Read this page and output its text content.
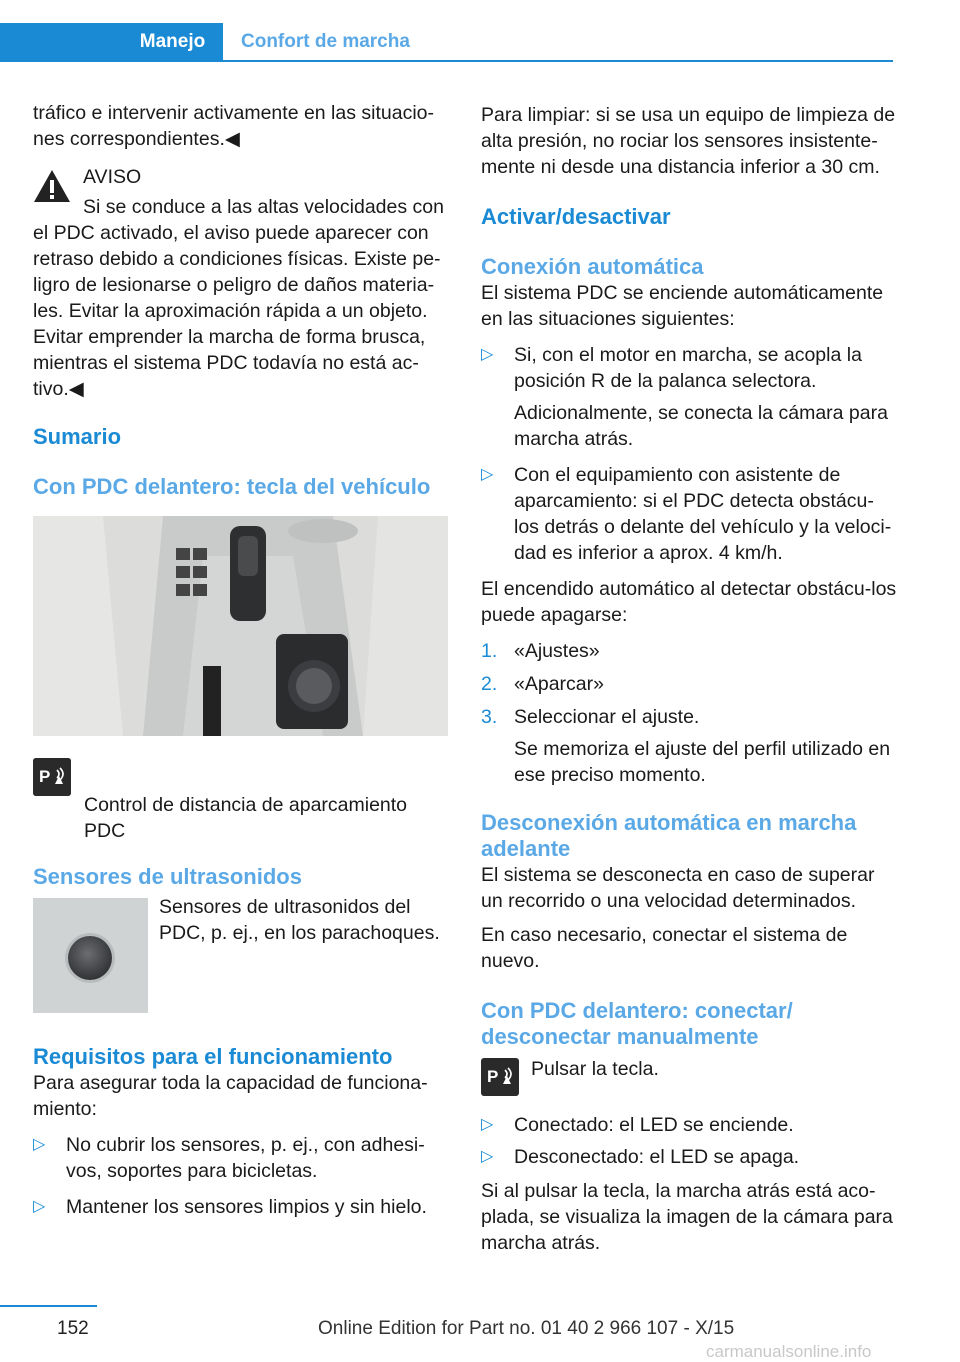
Manejo	Confort de marcha

tráfico e intervenir activamente en las situacio‐nes correspondientes.◀

AVISO

Si se conduce a las altas velocidades con

el PDC activado, el aviso puede aparecer con retraso debido a condiciones físicas. Existe pe‐ligro de lesionarse o peligro de daños materia‐les. Evitar la aproximación rápida a un objeto. Evitar emprender la marcha de forma brusca, mientras el sistema PDC todavía no está ac‐tivo.◀

Sumario

Con PDC delantero: tecla del vehículo

P

Control de distancia de aparcamiento PDC

Sensores de ultrasonidos

Sensores de ultrasonidos del PDC, p. ej., en los parachoques.

Requisitos para el funcionamiento

Para asegurar toda la capacidad de funciona‐miento:

▷ No cubrir los sensores, p. ej., con adhesi‐vos, soportes para bicicletas.
▷ Mantener los sensores limpios y sin hielo.

Para limpiar: si se usa un equipo de limpieza de alta presión, no rociar los sensores insistente‐mente ni desde una distancia inferior a 30 cm.

Activar/desactivar

Conexión automática

El sistema PDC se enciende automáticamente en las situaciones siguientes:

▷ Si, con el motor en marcha, se acopla la posición R de la palanca selectora.
Adicionalmente, se conecta la cámara para marcha atrás.
▷ Con el equipamiento con asistente de aparcamiento: si el PDC detecta obstácu‐los detrás o delante del vehículo y la veloci‐dad es inferior a aprox. 4 km/h.

El encendido automático al detectar obstácu‐los puede apagarse:

1. «Ajustes»
2. «Aparcar»
3. Seleccionar el ajuste.
Se memoriza el ajuste del perfil utilizado en ese preciso momento.

Desconexión automática en marcha adelante

El sistema se desconecta en caso de superar un recorrido o una velocidad determinados.

En caso necesario, conectar el sistema de nuevo.

Con PDC delantero: conectar/ desconectar manualmente

P Pulsar la tecla.

▷ Conectado: el LED se enciende.
▷ Desconectado: el LED se apaga.

Si al pulsar la tecla, la marcha atrás está aco‐plada, se visualiza la imagen de la cámara para marcha atrás.

152	Online Edition for Part no. 01 40 2 966 107 - X/15
carmanualsonline.info
